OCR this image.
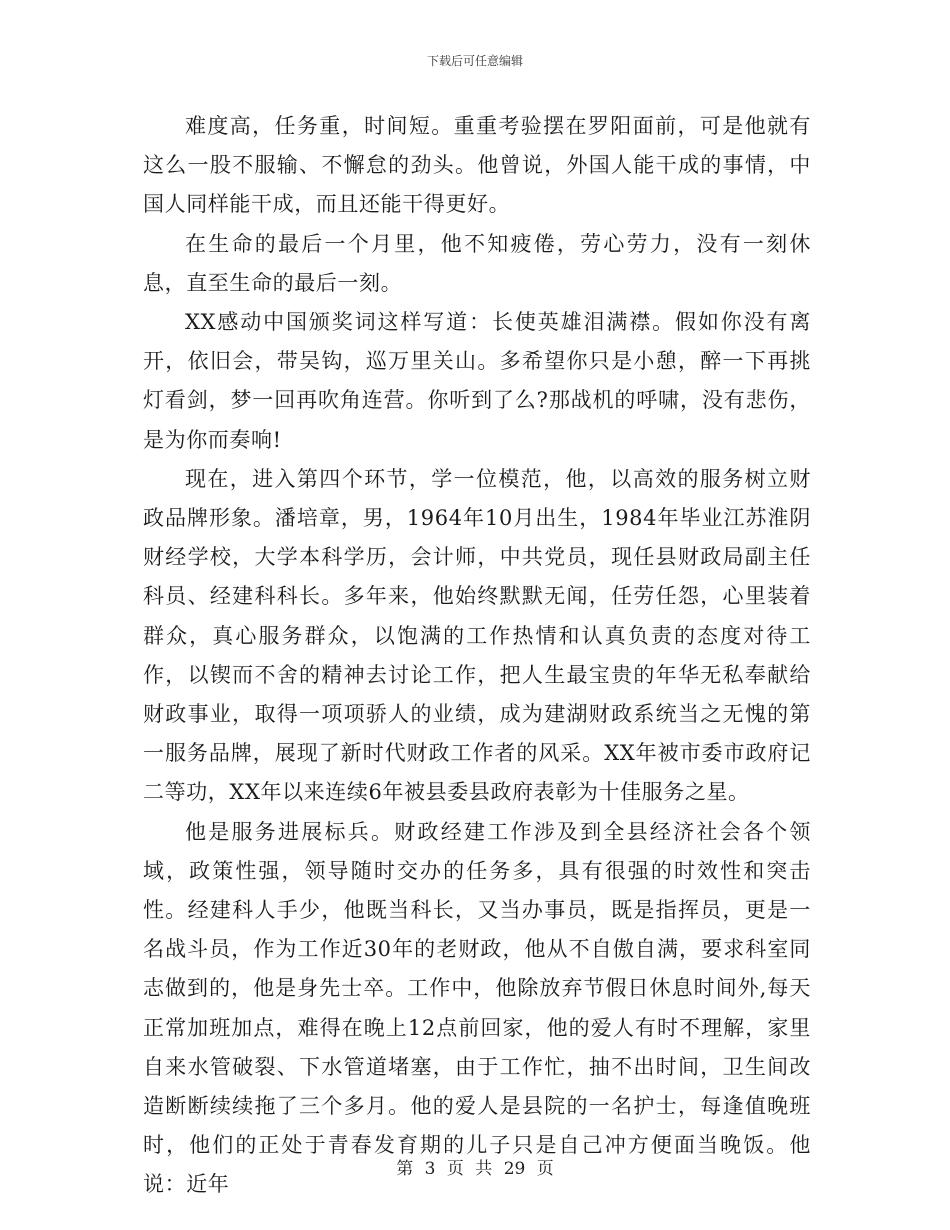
下载后可任意编辑

难度高，任务重，时间短。重重考验摆在罗阳面前，可是他就有这么一股不服输、不懈怠的劲头。他曾说，外国人能干成的事情，中国人同样能干成，而且还能干得更好。

在生命的最后一个月里，他不知疲倦，劳心劳力，没有一刻休息，直至生命的最后一刻。

XX感动中国颁奖词这样写道：长使英雄泪满襟。假如你没有离开，依旧会，带吴钩，巡万里关山。多希望你只是小憩，醉一下再挑灯看剑，梦一回再吹角连营。你听到了么?那战机的呼啸，没有悲伤，是为你而奏响!

现在，进入第四个环节，学一位模范，他，以高效的服务树立财政品牌形象。潘培章，男，1964年10月出生，1984年毕业江苏淮阴财经学校，大学本科学历，会计师，中共党员，现任县财政局副主任科员、经建科科长。多年来，他始终默默无闻，任劳任怨，心里装着群众，真心服务群众，以饱满的工作热情和认真负责的态度对待工作，以锲而不舍的精神去讨论工作，把人生最宝贵的年华无私奉献给财政事业，取得一项项骄人的业绩，成为建湖财政系统当之无愧的第一服务品牌，展现了新时代财政工作者的风采。XX年被市委市政府记二等功，XX年以来连续6年被县委县政府表彰为十佳服务之星。

他是服务进展标兵。财政经建工作涉及到全县经济社会各个领域，政策性强，领导随时交办的任务多，具有很强的时效性和突击性。经建科人手少，他既当科长，又当办事员，既是指挥员，更是一名战斗员，作为工作近30年的老财政，他从不自傲自满，要求科室同志做到的，他是身先士卒。工作中，他除放弃节假日休息时间外,每天正常加班加点，难得在晚上12点前回家，他的爱人有时不理解，家里自来水管破裂、下水管道堵塞，由于工作忙，抽不出时间，卫生间改造断断续续拖了三个多月。他的爱人是县院的一名护士，每逢值晚班时，他们的正处于青春发育期的儿子只是自己冲方便面当晚饭。他说：近年

第 3 页 共 29 页
